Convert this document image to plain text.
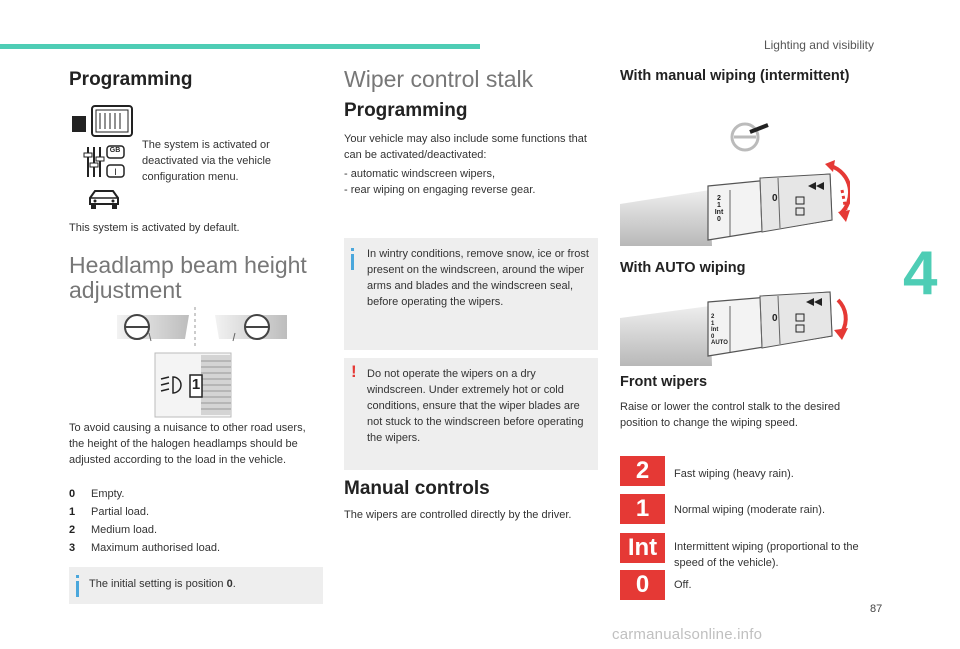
Lighting and visibility
4
Programming
I
GB The system is activated or deactivated via the vehicle configuration menu.

This system is activated by default.

Headlamp beam height
adjustment
1

To avoid causing a nuisance to other road users, the height of the halogen headlamps should be adjusted according to the load in the vehicle.

0 Empty.
1 Partial load.
2 Medium load.
3 Maximum authorised load.

The initial setting is position 0.

Wiper control stalk
Programming

Your vehicle may also include some functions that can be activated/deactivated:

- automatic windscreen wipers,

- rear wiping on engaging reverse gear.

In wintry conditions, remove snow, ice or frost present on the windscreen, around the wiper arms and blades and the windscreen seal, before operating the wipers.

! Do not operate the wipers on a dry windscreen. Under extremely hot or cold conditions, ensure that the wiper blades are not stuck to the windscreen before operating the wipers.

Manual controls

The wipers are controlled directly by the driver.

With manual wiping (intermittent)
2
1
Int
0
0
With AUTO wiping
2
1
Int
0
AUTO
0
Front wipers

Raise or lower the control stalk to the desired position to change the wiping speed.

2	Fast wiping (heavy rain).

1	Normal wiping (moderate rain).

Int	Intermittent wiping (proportional to the speed of the vehicle).

0	Off.

87
carmanualsonline.info
